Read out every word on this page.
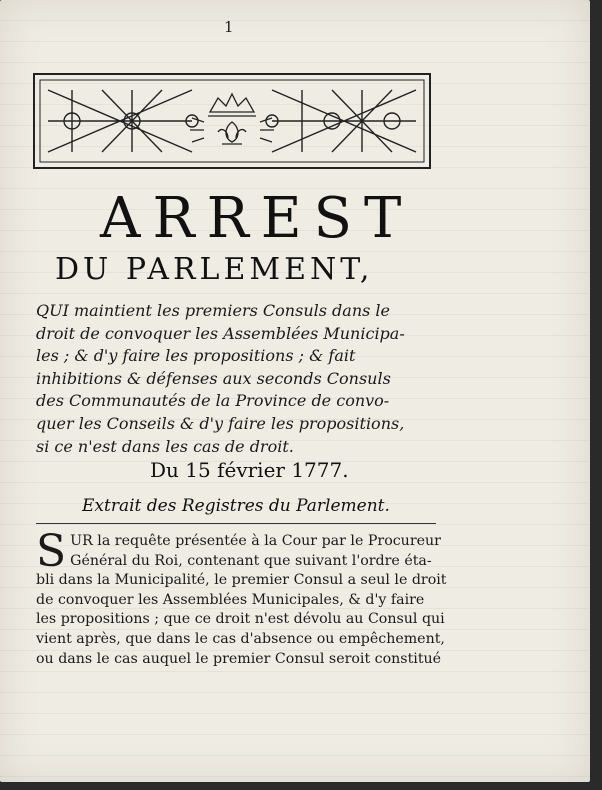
1
ARREST
DU PARLEMENT,
QUI maintient les premiers Consuls dans le
droit de convoquer les Assemblées Municipa-
les ; & d'y faire les propositions ; & fait
inhibitions & défenses aux seconds Consuls
des Communautés de la Province de convo-
quer les Conseils & d'y faire les propositions,
si ce n'est dans les cas de droit.
Du 15 février 1777.
Extrait des Registres du Parlement.
S UR la requête présentée à la Cour par le Procureur
Général du Roi, contenant que suivant l'ordre éta-
bli dans la Municipalité, le premier Consul a seul le droit
de convoquer les Assemblées Municipales, & d'y faire
les propositions ; que ce droit n'est dévolu au Consul qui
vient après, que dans le cas d'absence ou empêchement,
ou dans le cas auquel le premier Consul seroit constitué
